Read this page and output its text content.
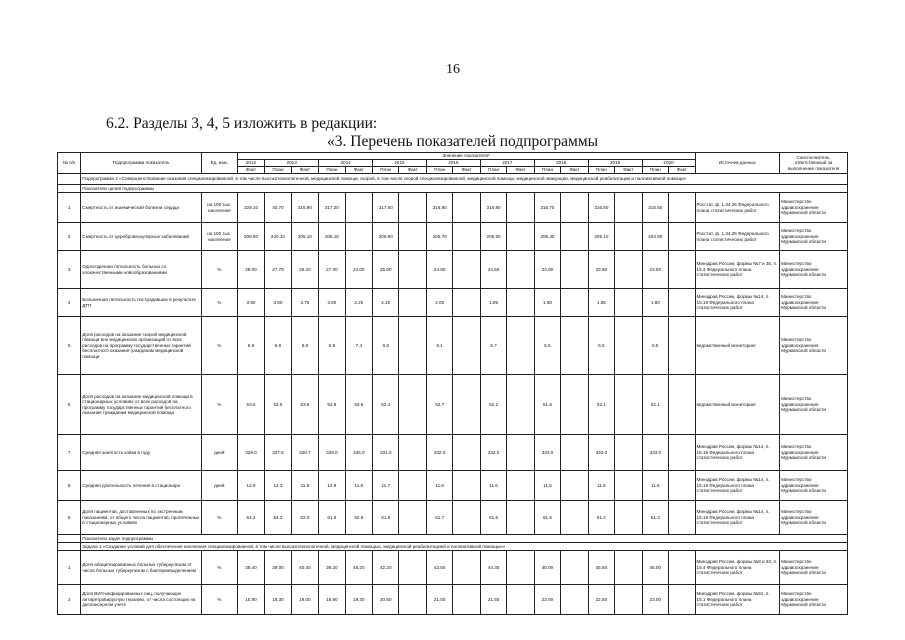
16
6.2. Разделы 3, 4, 5 изложить в редакции:
«3. Перечень показателей подпрограммы
№ п/п	Подпрограмма показатель	Ед. изм.	Значение показателя*																	Источник данных	Соисполнитель, ответственный за выполнение показателя
			2012	2013		2014		2015		2016		2017		2018		2019		2020			
			Факт	План	Факт	План	Факт	План	Факт	План	Факт	План	Факт	План	Факт	План	Факт	План	Факт		
	Подпрограмма 2 «Совершенствование оказания специализированной, в том числе высокотехнологичной, медицинской помощи, скорой, в том числе скорой специализированной, медицинской помощи, медицинской эвакуации, медицинской реабилитации и паллиативной помощи»																				
	Показатели целей подпрограммы																				
1	Смертность от ишемической болезни сердца	на 100 тыс. населения	329.10	40.70	316.80	317.20		317.00		316.90		316.80		316.70		316.60		316.50		Росстат, ф. 1.34.25 Федерального плана статистических работ	Министерство здравоохранения Мурманской области
2	Смертность от цереброваскулярных заболеваний	на 100 тыс. населения	208.60	220.10	205.10	206.10		205.90		205.70		205.50		205.30		205.10		204.90		Росстат, ф. 1.34.25 Федерального плана статистических работ	Министерство здравоохранения Мурманской области
3	Одногодичная летальность больных со злокачественными новообразованиями	%	28.00	27.70	26.20	27.00	24.00	25.00		24.90		24.50		24.00		23.80		23.50		Минздрав России, формы №7 и 35, п. 15.3 Федерального плана статистических работ	Министерство здравоохранения Мурманской области
4	Больничная летальность пострадавших в результате ДТП	%	3.90	3.80	3.75	3.80	2.25	2.10		2.00		1.95		1.90		1.85		1.80		Минздрав России, формы №14, п. 15.18 Федерального плана статистических работ	Министерство здравоохранения Мурманской области
5	Доля расходов на оказание скорой медицинской помощи вне медицинских организаций от всех расходов на программу государственных гарантий бесплатного оказания гражданам медицинской помощи	%	6.9	6.9	6.9	6.9	7.4	6.8		6.1		5.7		5.5		5.5		5.5		ведомственный мониторинг	Министерство здравоохранения Мурманской области
6	Доля расходов на оказание медицинской помощи в стационарных условиях от всех расходов на программу государственных гарантий бесплатного оказания гражданам медицинской помощи	%	53.6	53.6	53.6	52.8	53.6	52.4		52.7		52.2		51.6		52.1		52.1		ведомственный мониторинг	Министерство здравоохранения Мурманской области
7	Средняя занятость койки в году	дней	329.0	327.5	329.7	329.0	335.0	331.0		332.0		332.0		333.0		333.0		333.0		Минздрав России, формы №14, п. 15.18 Федерального плана статистических работ	Министерство здравоохранения Мурманской области
8	Средняя длительность лечения в стационаре	дней	12.9	12.3	11.9	12.9	11.8	11.7		11.6		11.6		11.5		11.5		11.5		Минздрав России, формы №14, п. 15.18 Федерального плана статистических работ	Министерство здравоохранения Мурманской области
9	Доля пациентов, доставленных по экстренным показаниям, от общего числа пациентов, пролеченных в стационарных условиях	%	54.2	54.2	62.0	61.9	62.8	61.8		61.7		61.6		61.5		61.4		61.3		Минздрав России, формы №14, п. 15.18 Федерального плана статистических работ	Министерство здравоохранения Мурманской области
	Показатели задач подпрограммы																				
	Задача 1 «Создание условий для обеспечения населения специализированной, в том числе высокотехнологичной, медицинской помощью, медицинской реабилитацией и паллиативной помощью»																				
1	Доля абациллированных больных туберкулезом от числа больных туберкулезом с бактериовыделением	%	38.40	39.00	40.40	39.20	48.20	42.20		43.50		44.30		45.00		45.50		46.00		Минздрав России, формы №8 и 33, п. 15.4 Федерального плана статистических работ	Министерство здравоохранения Мурманской области
2	Доля ВИЧ-инфицированных лиц, получающих антиретровирусную терапию, от числа состоящих на диспансерном учете	%	15.90	18.30	19.00	18.90	19.30	20.50		21.00		21.50		22.00		22.50		23.00		Минздрав России, формы №61, п. 15.1 Федерального плана статистических работ	Министерство здравоохранения Мурманской области
